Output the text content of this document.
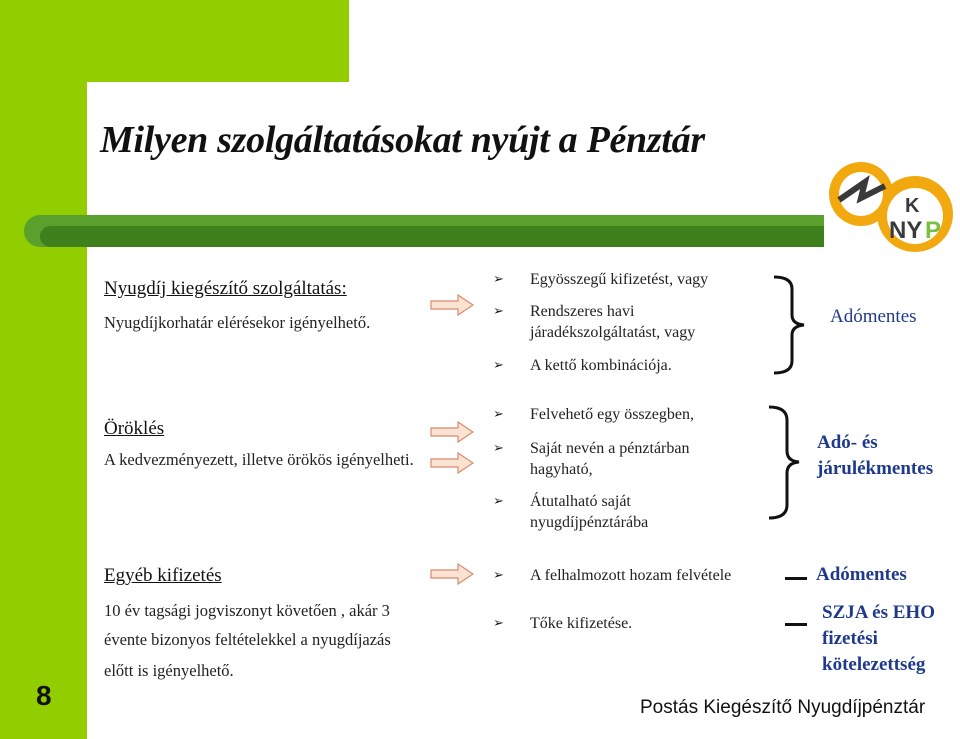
Milyen szolgáltatásokat nyújt a Pénztár
K
NY P
Nyugdíj kiegészítő szolgáltatás:
Nyugdíjkorhatár elérésekor igényelhető.
➢ Egyösszegű kifizetést, vagy
➢ Rendszeres havi
járadékszolgáltatást, vagy
➢ A kettő kombinációja.
Adómentes
Öröklés
A kedvezményezett, illetve örökös igényelheti.
➢ Felvehető egy összegben,
➢ Saját nevén a pénztárban
hagyható,
➢ Átutalható saját
nyugdíjpénztárába
Adó- és
járulékmentes
Egyéb kifizetés
10 év tagsági jogviszonyt követően , akár 3
évente bizonyos feltételekkel a nyugdíjazás
előtt is igényelhető.
➢ A felhalmozott hozam felvétele
➢ Tőke kifizetése.
Adómentes
SZJA és EHO
fizetési
kötelezettség
8	Postás Kiegészítő Nyugdíjpénztár
